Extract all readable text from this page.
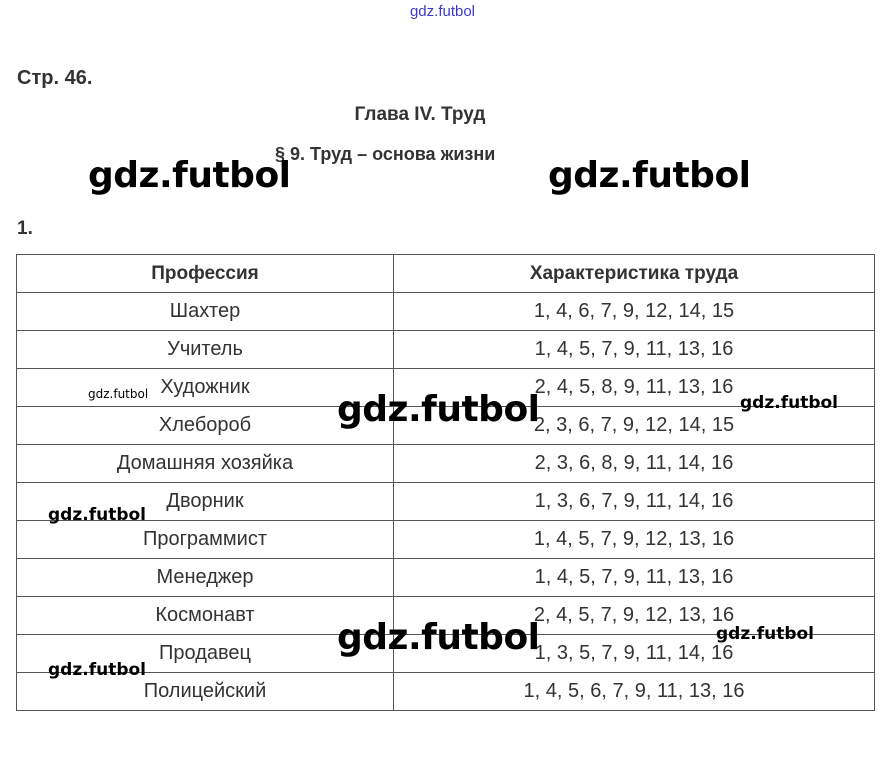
gdz.futbol
Стр. 46.
Глава IV. Труд
§ 9. Труд – основа жизни
1.
Профессия	Характеристика труда
Шахтер	1, 4, 6, 7, 9, 12, 14, 15
Учитель	1, 4, 5, 7, 9, 11, 13, 16
Художник	2, 4, 5, 8, 9, 11, 13, 16
Хлебороб	2, 3, 6, 7, 9, 12, 14, 15
Домашняя хозяйка	2, 3, 6, 8, 9, 11, 14, 16
Дворник	1, 3, 6, 7, 9, 11, 14, 16
Программист	1, 4, 5, 7, 9, 12, 13, 16
Менеджер	1, 4, 5, 7, 9, 11, 13, 16
Космонавт	2, 4, 5, 7, 9, 12, 13, 16
Продавец	1, 3, 5, 7, 9, 11, 14, 16
Полицейский	1, 4, 5, 6, 7, 9, 11, 13, 16
gdz.futbol	gdz.futbol
gdz.futbol	gdz.futbol	gdz.futbol
gdz.futbol
gdz.futbol	gdz.futbol
gdz.futbol
